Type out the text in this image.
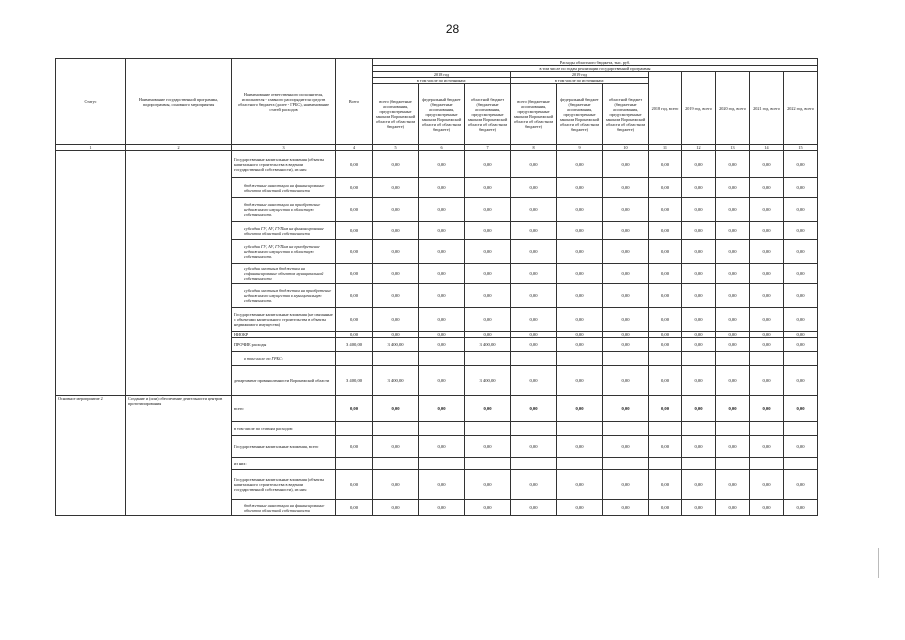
28
Статус	Наименование государственной программы, подпрограммы, основного мероприятия	Наименование ответственного исполнителя, исполнителя - главного распорядителя средств областного бюджета (далее - ГРБС), наименование статей расходов	Всего	Расходы областного бюджета, тыс. руб.										
				в том числе по годам реализации государственной программы										
				2018 год			2019 год			2018 год, всего	2019 год, всего	2020 год, всего	2021 год, всего	2022 год, всего
				в том числе по источникам:			в том числе по источникам:							
				всего (бюджетные ассигнования, предусмотренные законом Воронежской области об областном бюджете)	федеральный бюджет (бюджетные ассигнования, предусмотренные законом Воронежской области об областном бюджете)	областной бюджет (бюджетные ассигнования, предусмотренные законом Воронежской области об областном бюджете)	всего (бюджетные ассигнования, предусмотренные законом Воронежской области об областном бюджете)	федеральный бюджет (бюджетные ассигнования, предусмотренные законом Воронежской области об областном бюджете)	областной бюджет (бюджетные ассигнования, предусмотренные законом Воронежской области об областном бюджете)					
1	2	3	4	5	6	7	8	9	10	11	12	13	14	15
		Государственные капитальные вложения (объекты капитального строительства в ведении государственной собственности), из них:	0,00	0,00	0,00	0,00	0,00	0,00	0,00	0,00	0,00	0,00	0,00	0,00
		бюджетные инвестиции на финансирование объектов областной собственности	0,00	0,00	0,00	0,00	0,00	0,00	0,00	0,00	0,00	0,00	0,00	0,00
		бюджетные инвестиции на приобретение недвижимого имущества в областную собственность	0,00	0,00	0,00	0,00	0,00	0,00	0,00	0,00	0,00	0,00	0,00	0,00
		субсидии ГУ, АУ, ГУПам на финансирование объектов областной собственности	0,00	0,00	0,00	0,00	0,00	0,00	0,00	0,00	0,00	0,00	0,00	0,00
		субсидии ГУ, АУ, ГУПам на приобретение недвижимого имущества в областную собственность	0,00	0,00	0,00	0,00	0,00	0,00	0,00	0,00	0,00	0,00	0,00	0,00
		субсидии местным бюджетам на софинансирование объектов муниципальной собственности	0,00	0,00	0,00	0,00	0,00	0,00	0,00	0,00	0,00	0,00	0,00	0,00
		субсидии местным бюджетам на приобретение недвижимого имущества в муниципальную собственность	0,00	0,00	0,00	0,00	0,00	0,00	0,00	0,00	0,00	0,00	0,00	0,00
		Государственные капитальные вложения (не связанные с объектами капитального строительства в объекты недвижимого имущества)	0,00	0,00	0,00	0,00	0,00	0,00	0,00	0,00	0,00	0,00	0,00	0,00
		НИОКР	0,00	0,00	0,00	0,00	0,00	0,00	0,00	0,00	0,00	0,00	0,00	0,00
		ПРОЧИЕ расходы	3 400,00	3 400,00	0,00	3 400,00	0,00	0,00	0,00	0,00	0,00	0,00	0,00	0,00
		в том числе по ГРБС:												
		департамент промышленности Воронежской области	3 400,00	3 400,00	0,00	3 400,00	0,00	0,00	0,00	0,00	0,00	0,00	0,00	0,00
Основное мероприятие 2	Создание и (или) обеспечение деятельности центров прототипирования	всего	0,00	0,00	0,00	0,00	0,00	0,00	0,00	0,00	0,00	0,00	0,00	0,00
		в том числе по статьям расходов:												
		Государственные капитальные вложения, всего	0,00	0,00	0,00	0,00	0,00	0,00	0,00	0,00	0,00	0,00	0,00	0,00
		из них:												
		Государственные капитальные вложения (объекты капитального строительства в ведении государственной собственности), из них:	0,00	0,00	0,00	0,00	0,00	0,00	0,00	0,00	0,00	0,00	0,00	0,00
		бюджетные инвестиции на финансирование объектов областной собственности	0,00	0,00	0,00	0,00	0,00	0,00	0,00	0,00	0,00	0,00	0,00	0,00
